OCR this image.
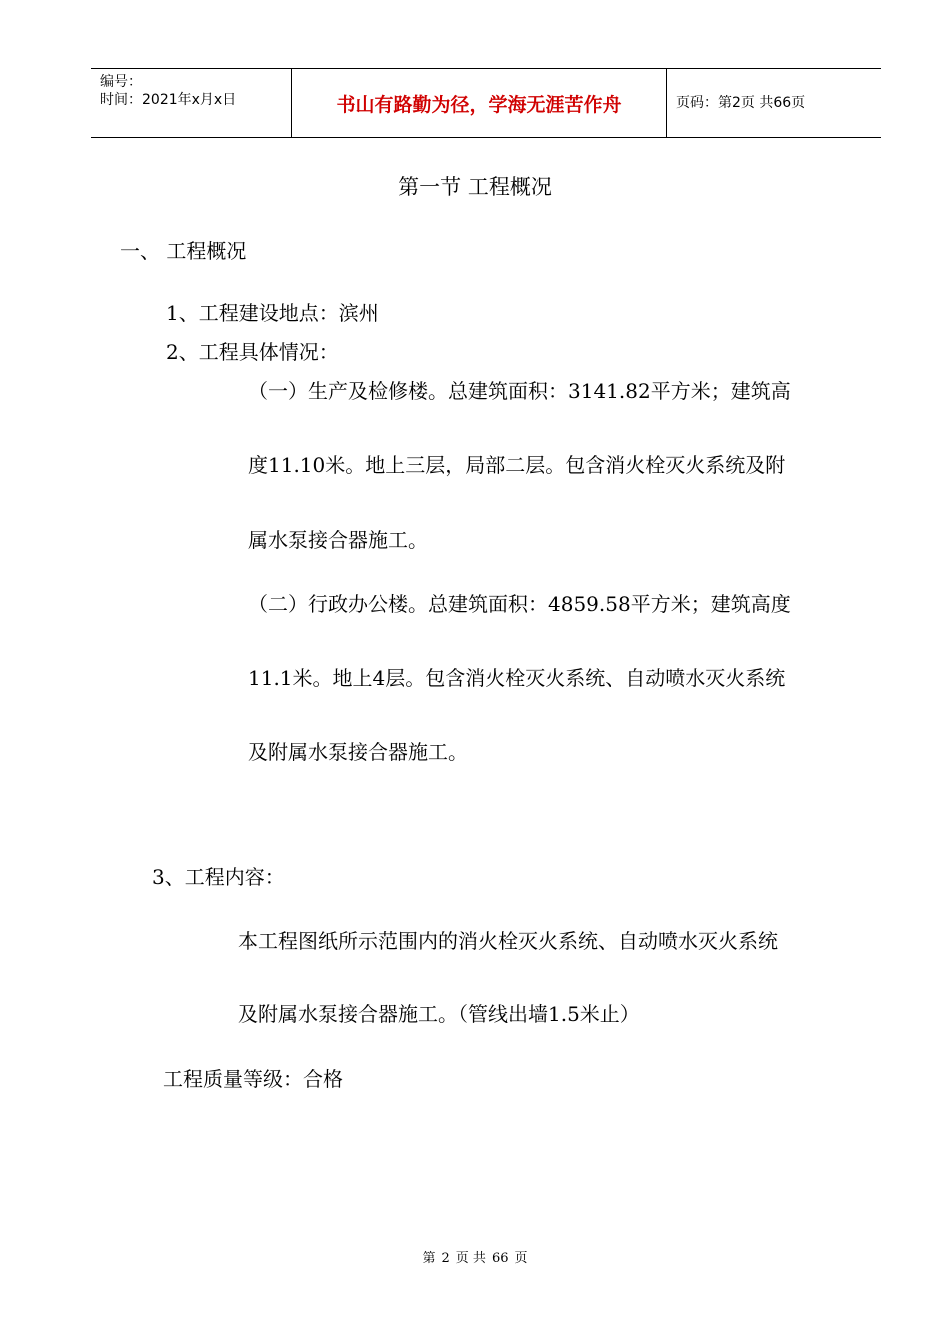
编号：
时间：2021年x月x日	书山有路勤为径，学海无涯苦作舟	页码：第2页 共66页
第一节 工程概况
一、 工程概况
1、工程建设地点：滨州
2、工程具体情况：
（一）生产及检修楼。总建筑面积：3141.82平方米；建筑高
度11.10米。地上三层，局部二层。包含消火栓灭火系统及附
属水泵接合器施工。
（二）行政办公楼。总建筑面积：4859.58平方米；建筑高度
11.1米。地上4层。包含消火栓灭火系统、自动喷水灭火系统
及附属水泵接合器施工。
3、工程内容：
本工程图纸所示范围内的消火栓灭火系统、自动喷水灭火系统
及附属水泵接合器施工。（管线出墙1.5米止）
工程质量等级：合格
第 2 页 共 66 页
